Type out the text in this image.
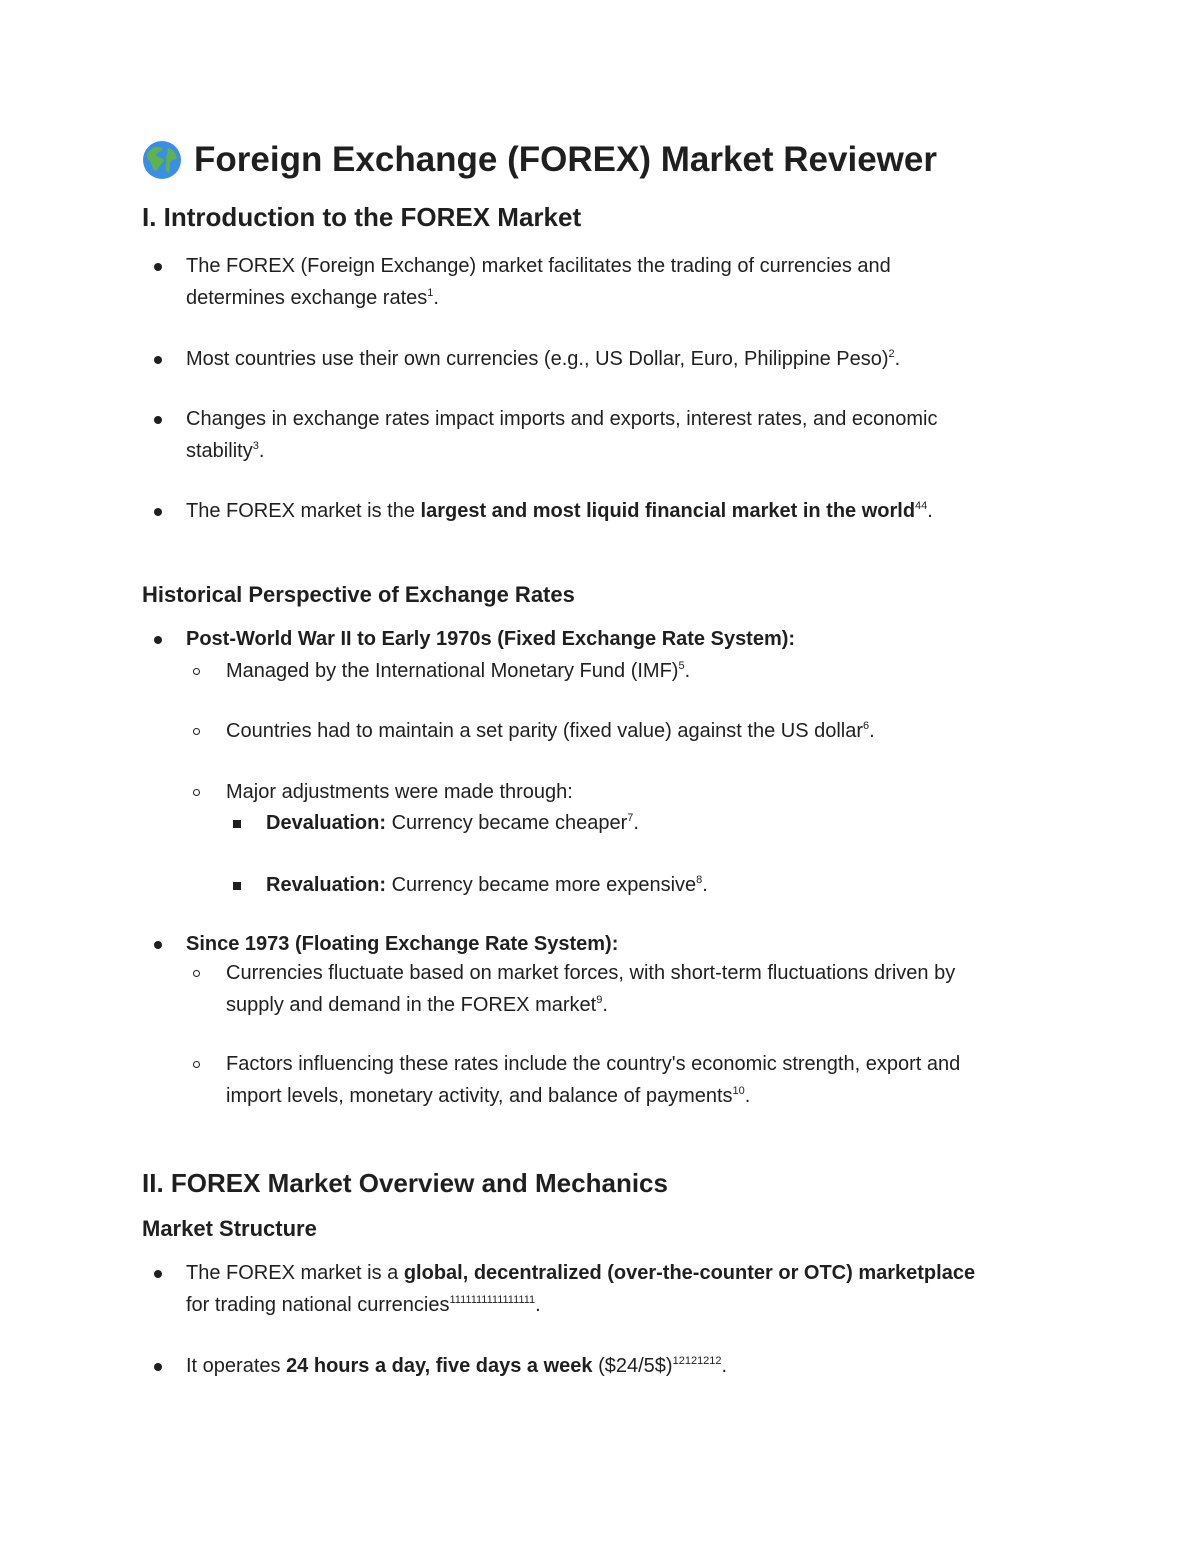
Foreign Exchange (FOREX) Market Reviewer
I. Introduction to the FOREX Market
The FOREX (Foreign Exchange) market facilitates the trading of currencies and
determines exchange rates$^1$.
Most countries use their own currencies (e.g., US Dollar, Euro, Philippine Peso)$^2$.
Changes in exchange rates impact imports and exports, interest rates, and economic
stability$^3$.
The FOREX market is the largest and most liquid financial market in the world$^{44}$.
Historical Perspective of Exchange Rates
Post-World War II to Early 1970s (Fixed Exchange Rate System):
Managed by the International Monetary Fund (IMF)$^5$.
Countries had to maintain a set parity (fixed value) against the US dollar$^6$.
Major adjustments were made through:
Devaluation: Currency became cheaper$^7$.
Revaluation: Currency became more expensive$^8$.
Since 1973 (Floating Exchange Rate System):
Currencies fluctuate based on market forces, with short-term fluctuations driven by
supply and demand in the FOREX market$^9$.
Factors influencing these rates include the country's economic strength, export and
import levels, monetary activity, and balance of payments$^{10}$.
II. FOREX Market Overview and Mechanics
Market Structure
The FOREX market is a global, decentralized (over-the-counter or OTC) marketplace
for trading national currencies$^{1111111111111111}$.
It operates 24 hours a day, five days a week ($24/5$)$^{12121212}$.
